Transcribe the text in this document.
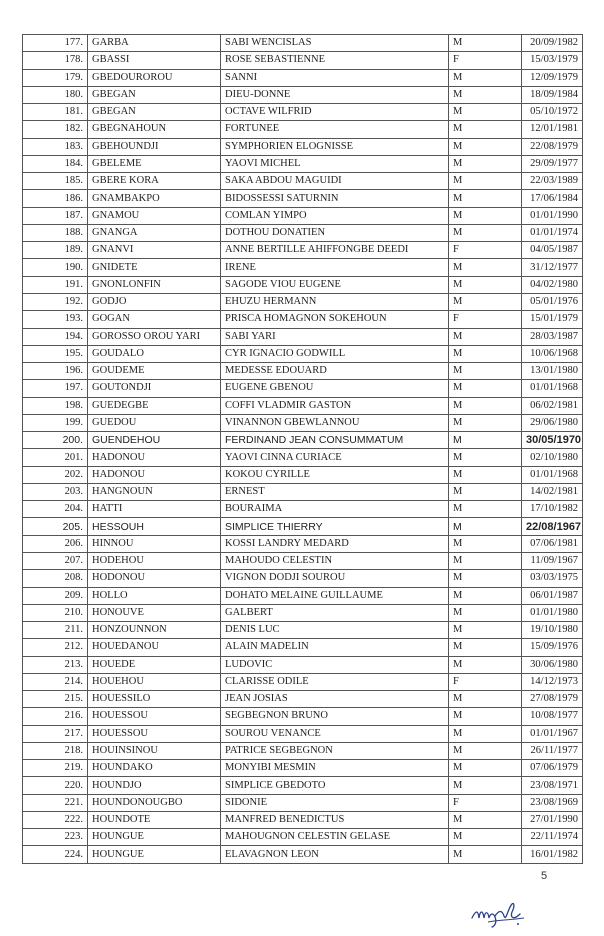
177.	GARBA	SABI WENCISLAS	M	20/09/1982
178.	GBASSI	ROSE SEBASTIENNE	F	15/03/1979
179.	GBEDOUROROU	SANNI	M	12/09/1979
180.	GBEGAN	DIEU-DONNE	M	18/09/1984
181.	GBEGAN	OCTAVE WILFRID	M	05/10/1972
182.	GBEGNAHOUN	FORTUNEE	M	12/01/1981
183.	GBEHOUNDJI	SYMPHORIEN ELOGNISSE	M	22/08/1979
184.	GBELEME	YAOVI MICHEL	M	29/09/1977
185.	GBERE KORA	SAKA ABDOU MAGUIDI	M	22/03/1989
186.	GNAMBAKPO	BIDOSSESSI SATURNIN	M	17/06/1984
187.	GNAMOU	COMLAN YIMPO	M	01/01/1990
188.	GNANGA	DOTHOU DONATIEN	M	01/01/1974
189.	GNANVI	ANNE BERTILLE AHIFFONGBE DEEDI	F	04/05/1987
190.	GNIDETE	IRENE	M	31/12/1977
191.	GNONLONFIN	SAGODE VIOU EUGENE	M	04/02/1980
192.	GODJO	EHUZU HERMANN	M	05/01/1976
193.	GOGAN	PRISCA HOMAGNON SOKEHOUN	F	15/01/1979
194.	GOROSSO OROU YARI	SABI YARI	M	28/03/1987
195.	GOUDALO	CYR IGNACIO GODWILL	M	10/06/1968
196.	GOUDEME	MEDESSE EDOUARD	M	13/01/1980
197.	GOUTONDJI	EUGENE GBENOU	M	01/01/1968
198.	GUEDEGBE	COFFI VLADMIR GASTON	M	06/02/1981
199.	GUEDOU	VINANNON GBEWLANNOU	M	29/06/1980
200.	GUENDEHOU	FERDINAND JEAN CONSUMMATUM	M	30/05/1970
201.	HADONOU	YAOVI CINNA CURIACE	M	02/10/1980
202.	HADONOU	KOKOU CYRILLE	M	01/01/1968
203.	HANGNOUN	ERNEST	M	14/02/1981
204.	HATTI	BOURAIMA	M	17/10/1982
205.	HESSOUH	SIMPLICE THIERRY	M	22/08/1967
206.	HINNOU	KOSSI LANDRY MEDARD	M	07/06/1981
207.	HODEHOU	MAHOUDO CELESTIN	M	11/09/1967
208.	HODONOU	VIGNON DODJI SOUROU	M	03/03/1975
209.	HOLLO	DOHATO MELAINE GUILLAUME	M	06/01/1987
210.	HONOUVE	GALBERT	M	01/01/1980
211.	HONZOUNNON	DENIS LUC	M	19/10/1980
212.	HOUEDANOU	ALAIN MADELIN	M	15/09/1976
213.	HOUEDE	LUDOVIC	M	30/06/1980
214.	HOUEHOU	CLARISSE ODILE	F	14/12/1973
215.	HOUESSILO	JEAN JOSIAS	M	27/08/1979
216.	HOUESSOU	SEGBEGNON BRUNO	M	10/08/1977
217.	HOUESSOU	SOUROU VENANCE	M	01/01/1967
218.	HOUINSINOU	PATRICE SEGBEGNON	M	26/11/1977
219.	HOUNDAKO	MONYIBI MESMIN	M	07/06/1979
220.	HOUNDJO	SIMPLICE GBEDOTO	M	23/08/1971
221.	HOUNDONOUGBO	SIDONIE	F	23/08/1969
222.	HOUNDOTE	MANFRED BENEDICTUS	M	27/01/1990
223.	HOUNGUE	MAHOUGNON CELESTIN GELASE	M	22/11/1974
224.	HOUNGUE	ELAVAGNON LEON	M	16/01/1982
5
